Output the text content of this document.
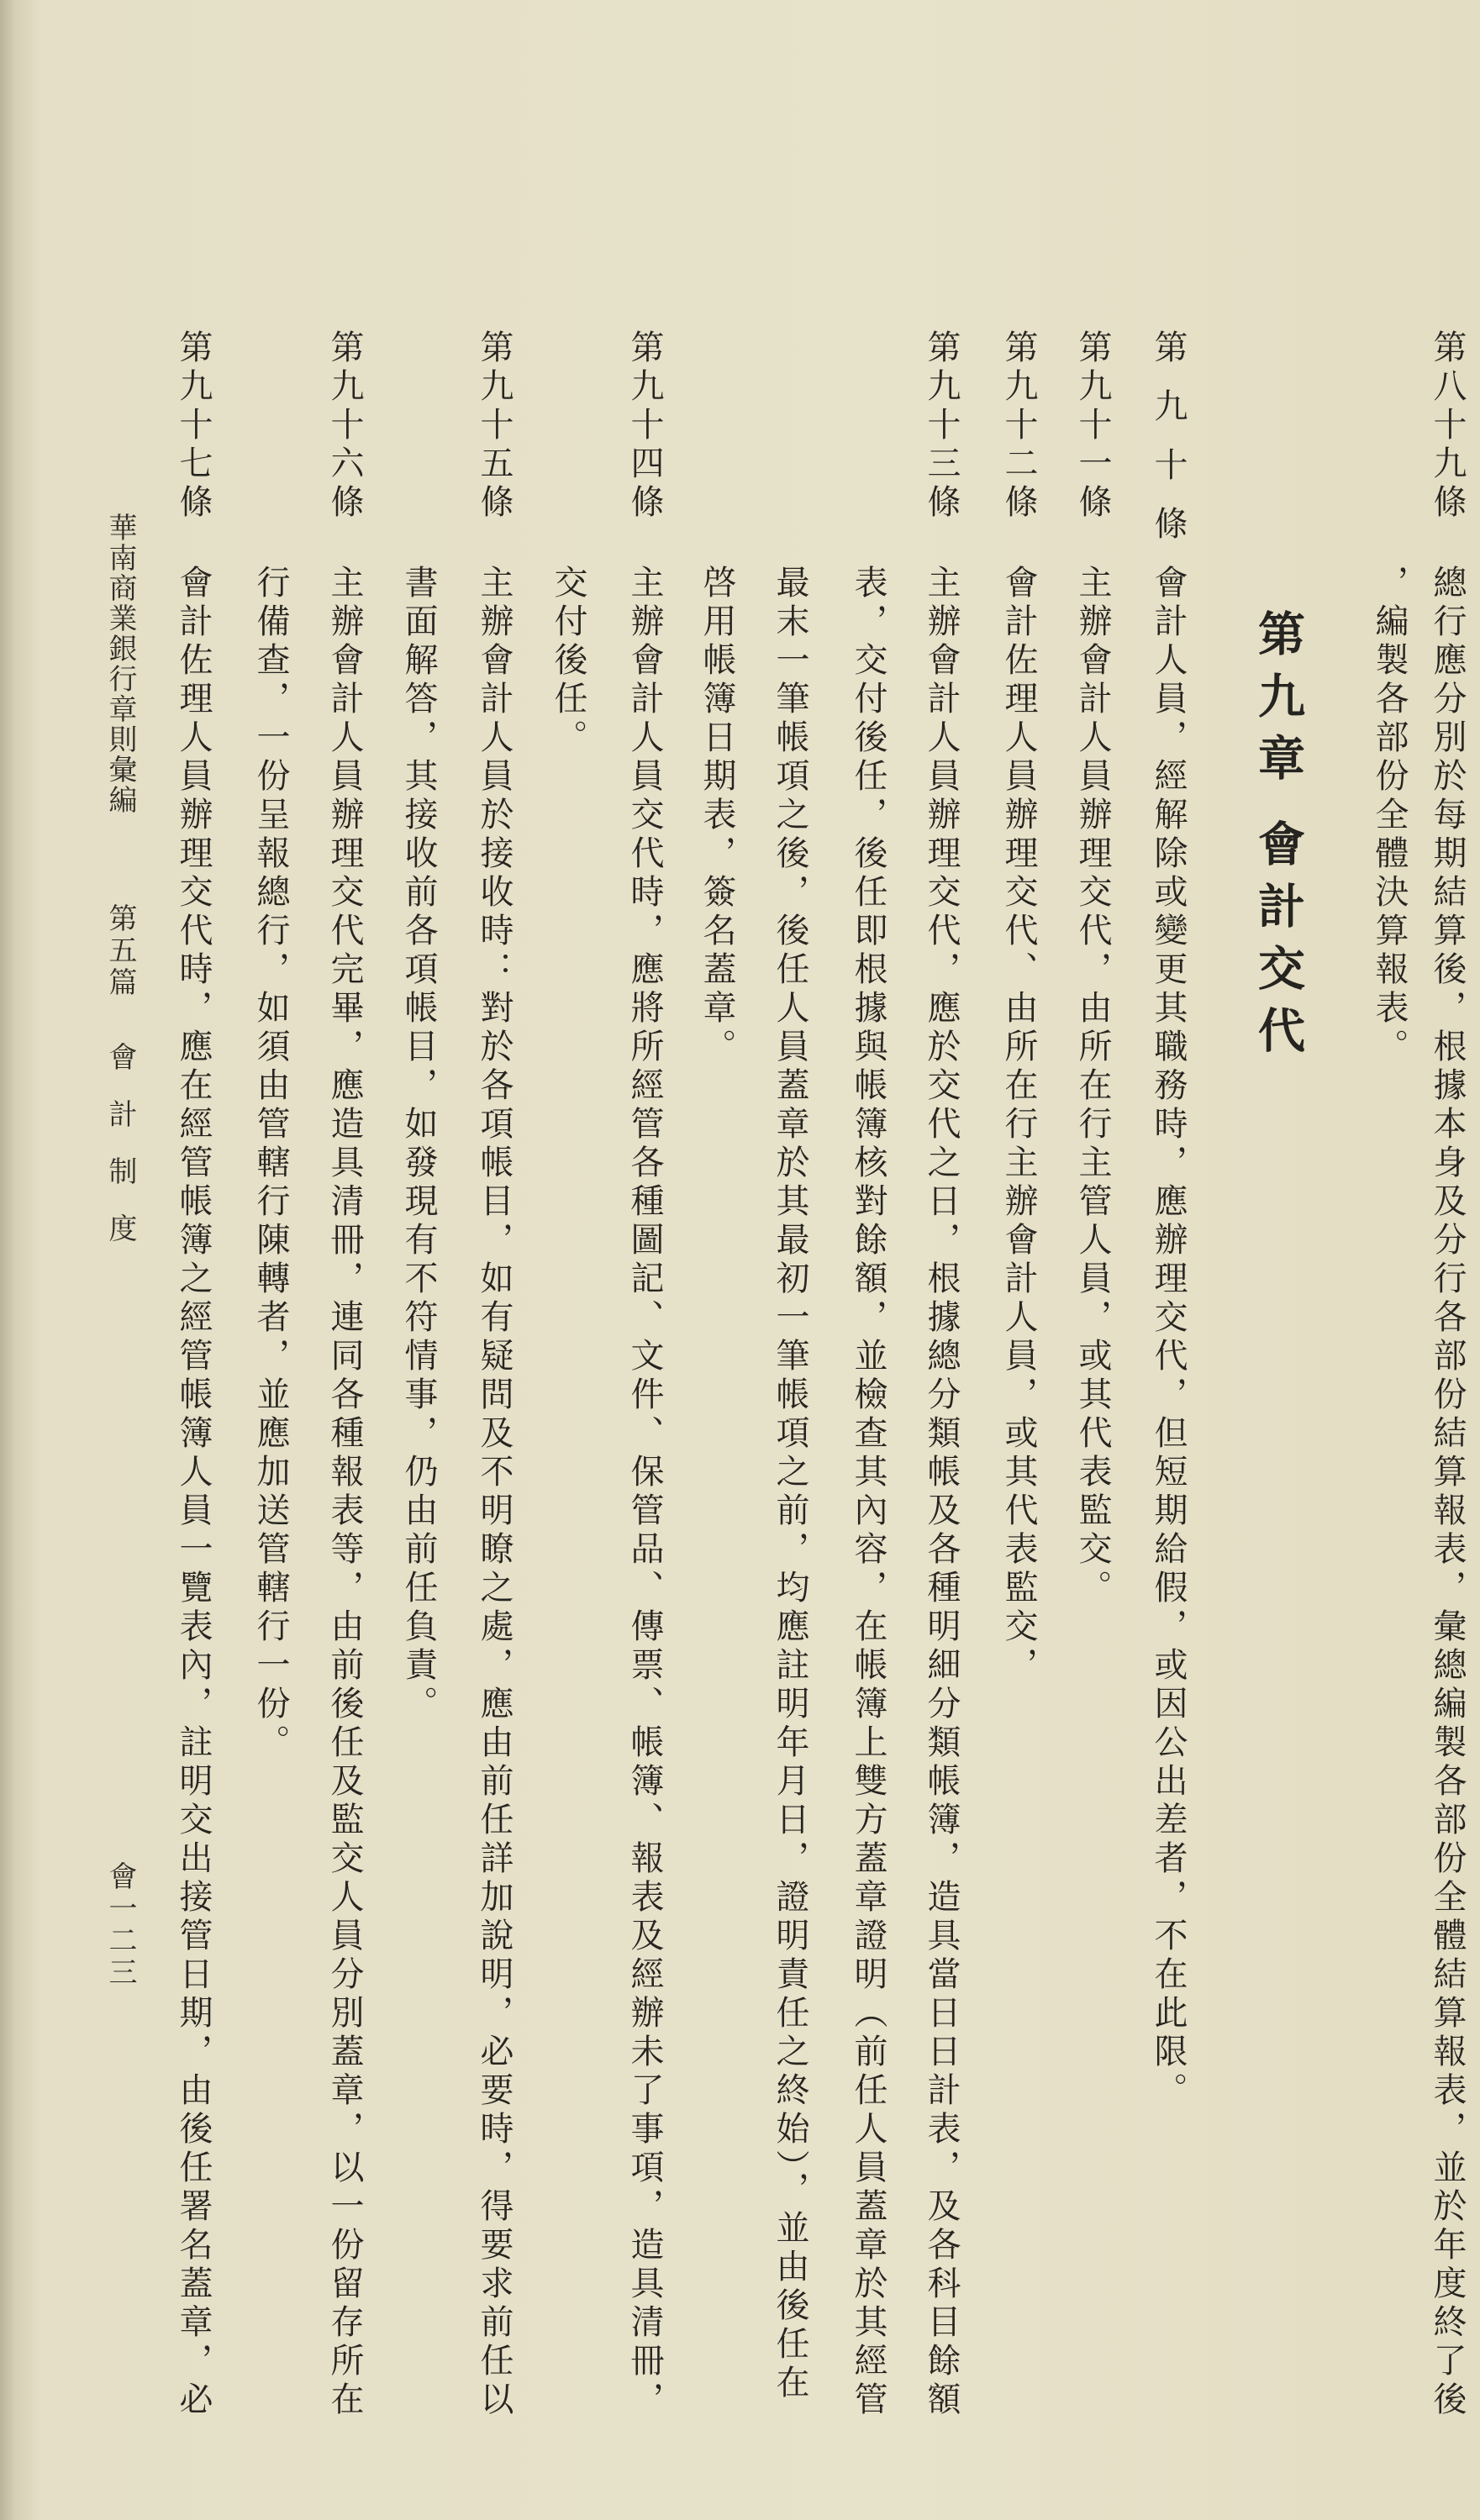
第八十九條
總行應分別於每期結算後，根據本身及分行各部份結算報表，彙總編製各部份全體結算報表，並於年度終了後
，編製各部份全體決算報表。
第九章
會計交代
第九十條
會計人員，經解除或變更其職務時，應辦理交代，但短期給假，或因公出差者，不在此限。
第九十一條
主辦會計人員辦理交代，由所在行主管人員，或其代表監交。
第九十二條
會計佐理人員辦理交代、由所在行主辦會計人員，或其代表監交，
第九十三條
主辦會計人員辦理交代，應於交代之日，根據總分類帳及各種明細分類帳簿，造具當日日計表，及各科目餘額
表，交付後任，後任即根據與帳簿核對餘額，並檢查其內容，在帳簿上雙方蓋章證明（前任人員蓋章於其經管
最末一筆帳項之後，後任人員蓋章於其最初一筆帳項之前，均應註明年月日，證明責任之終始），並由後任在
啓用帳簿日期表，簽名蓋章。
第九十四條
主辦會計人員交代時，應將所經管各種圖記、文件、保管品、傳票、帳簿、報表及經辦未了事項，造具清冊，
交付後任。
第九十五條
主辦會計人員於接收時：對於各項帳目，如有疑問及不明瞭之處，應由前任詳加說明，必要時，得要求前任以
書面解答，其接收前各項帳目，如發現有不符情事，仍由前任負責。
第九十六條
主辦會計人員辦理交代完畢，應造具清冊，連同各種報表等，由前後任及監交人員分別蓋章，以一份留存所在
行備查，一份呈報總行，如須由管轄行陳轉者，並應加送管轄行一份。
第九十七條
會計佐理人員辦理交代時，應在經管帳簿之經管帳簿人員一覽表內，註明交出接管日期，由後任署名蓋章，必
華南商業銀行章則彙編
第五篇
會計制度
會一二三
